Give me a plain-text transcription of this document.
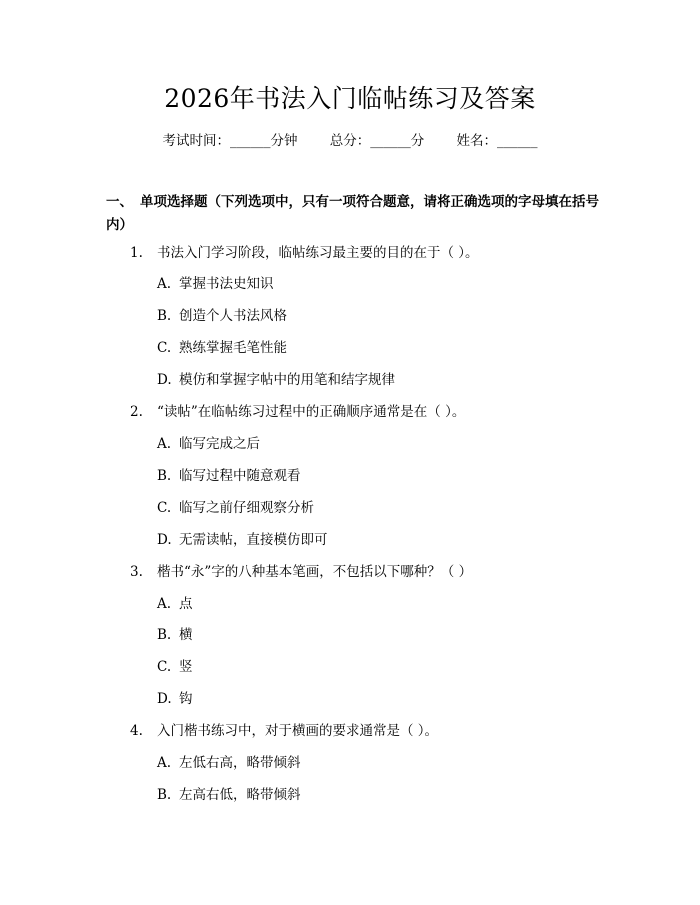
2026年书法入门临帖练习及答案
考试时间：______分钟 总分：______分 姓名：______
一、 单项选择题（下列选项中，只有一项符合题意，请将正确选项的字母填在括号内）
1. 书法入门学习阶段，临帖练习最主要的目的在于（ ）。
A. 掌握书法史知识
B. 创造个人书法风格
C. 熟练掌握毛笔性能
D. 模仿和掌握字帖中的用笔和结字规律
2. “读帖”在临帖练习过程中的正确顺序通常是在（ ）。
A. 临写完成之后
B. 临写过程中随意观看
C. 临写之前仔细观察分析
D. 无需读帖，直接模仿即可
3. 楷书“永”字的八种基本笔画，不包括以下哪种？（ ）
A. 点
B. 横
C. 竖
D. 钩
4. 入门楷书练习中，对于横画的要求通常是（ ）。
A. 左低右高，略带倾斜
B. 左高右低，略带倾斜
